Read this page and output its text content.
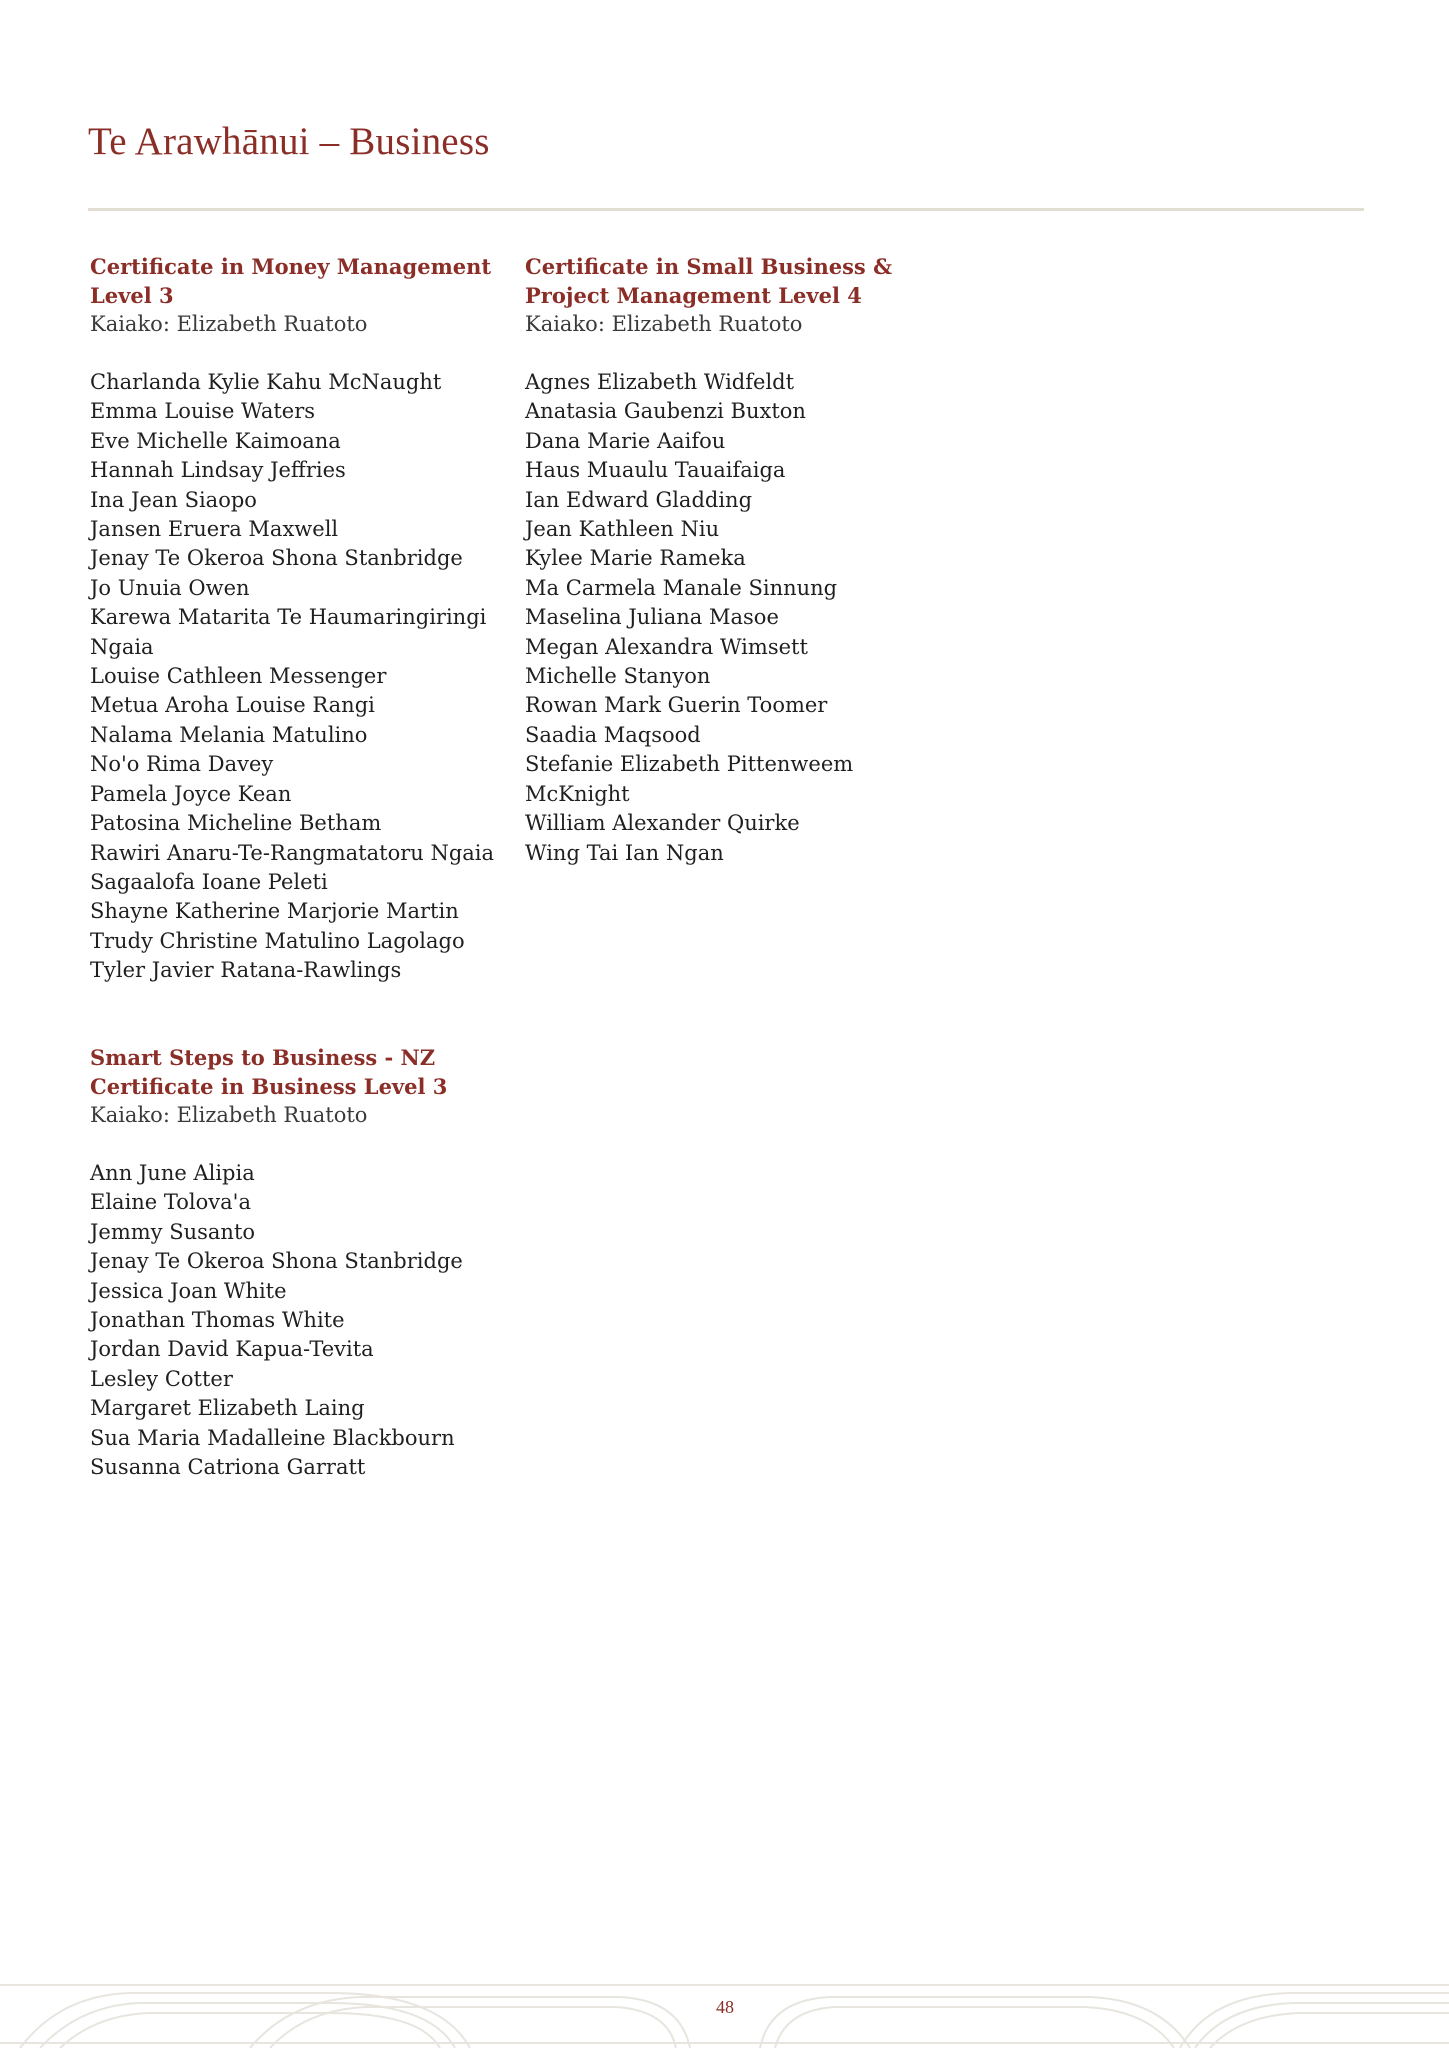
Te Arawhānui – Business
Certificate in Money Management
Level 3
Kaiako: Elizabeth Ruatoto
Charlanda Kylie Kahu McNaught
Emma Louise Waters
Eve Michelle Kaimoana
Hannah Lindsay Jeffries
Ina Jean Siaopo
Jansen Eruera Maxwell
Jenay Te Okeroa Shona Stanbridge
Jo Unuia Owen
Karewa Matarita Te Haumaringiringi
Ngaia
Louise Cathleen Messenger
Metua Aroha Louise Rangi
Nalama Melania Matulino
No'o Rima Davey
Pamela Joyce Kean
Patosina Micheline Betham
Rawiri Anaru-Te-Rangmatatoru Ngaia
Sagaalofa Ioane Peleti
Shayne Katherine Marjorie Martin
Trudy Christine Matulino Lagolago
Tyler Javier Ratana-Rawlings
Certificate in Small Business &
Project Management Level 4
Kaiako: Elizabeth Ruatoto
Agnes Elizabeth Widfeldt
Anatasia Gaubenzi Buxton
Dana Marie Aaifou
Haus Muaulu Tauaifaiga
Ian Edward Gladding
Jean Kathleen Niu
Kylee Marie Rameka
Ma Carmela Manale Sinnung
Maselina Juliana Masoe
Megan Alexandra Wimsett
Michelle Stanyon
Rowan Mark Guerin Toomer
Saadia Maqsood
Stefanie Elizabeth Pittenweem
McKnight
William Alexander Quirke
Wing Tai Ian Ngan
Smart Steps to Business - NZ
Certificate in Business Level 3
Kaiako: Elizabeth Ruatoto
Ann June Alipia
Elaine Tolova'a
Jemmy Susanto
Jenay Te Okeroa Shona Stanbridge
Jessica Joan White
Jonathan Thomas White
Jordan David Kapua-Tevita
Lesley Cotter
Margaret Elizabeth Laing
Sua Maria Madalleine Blackbourn
Susanna Catriona Garratt
48
